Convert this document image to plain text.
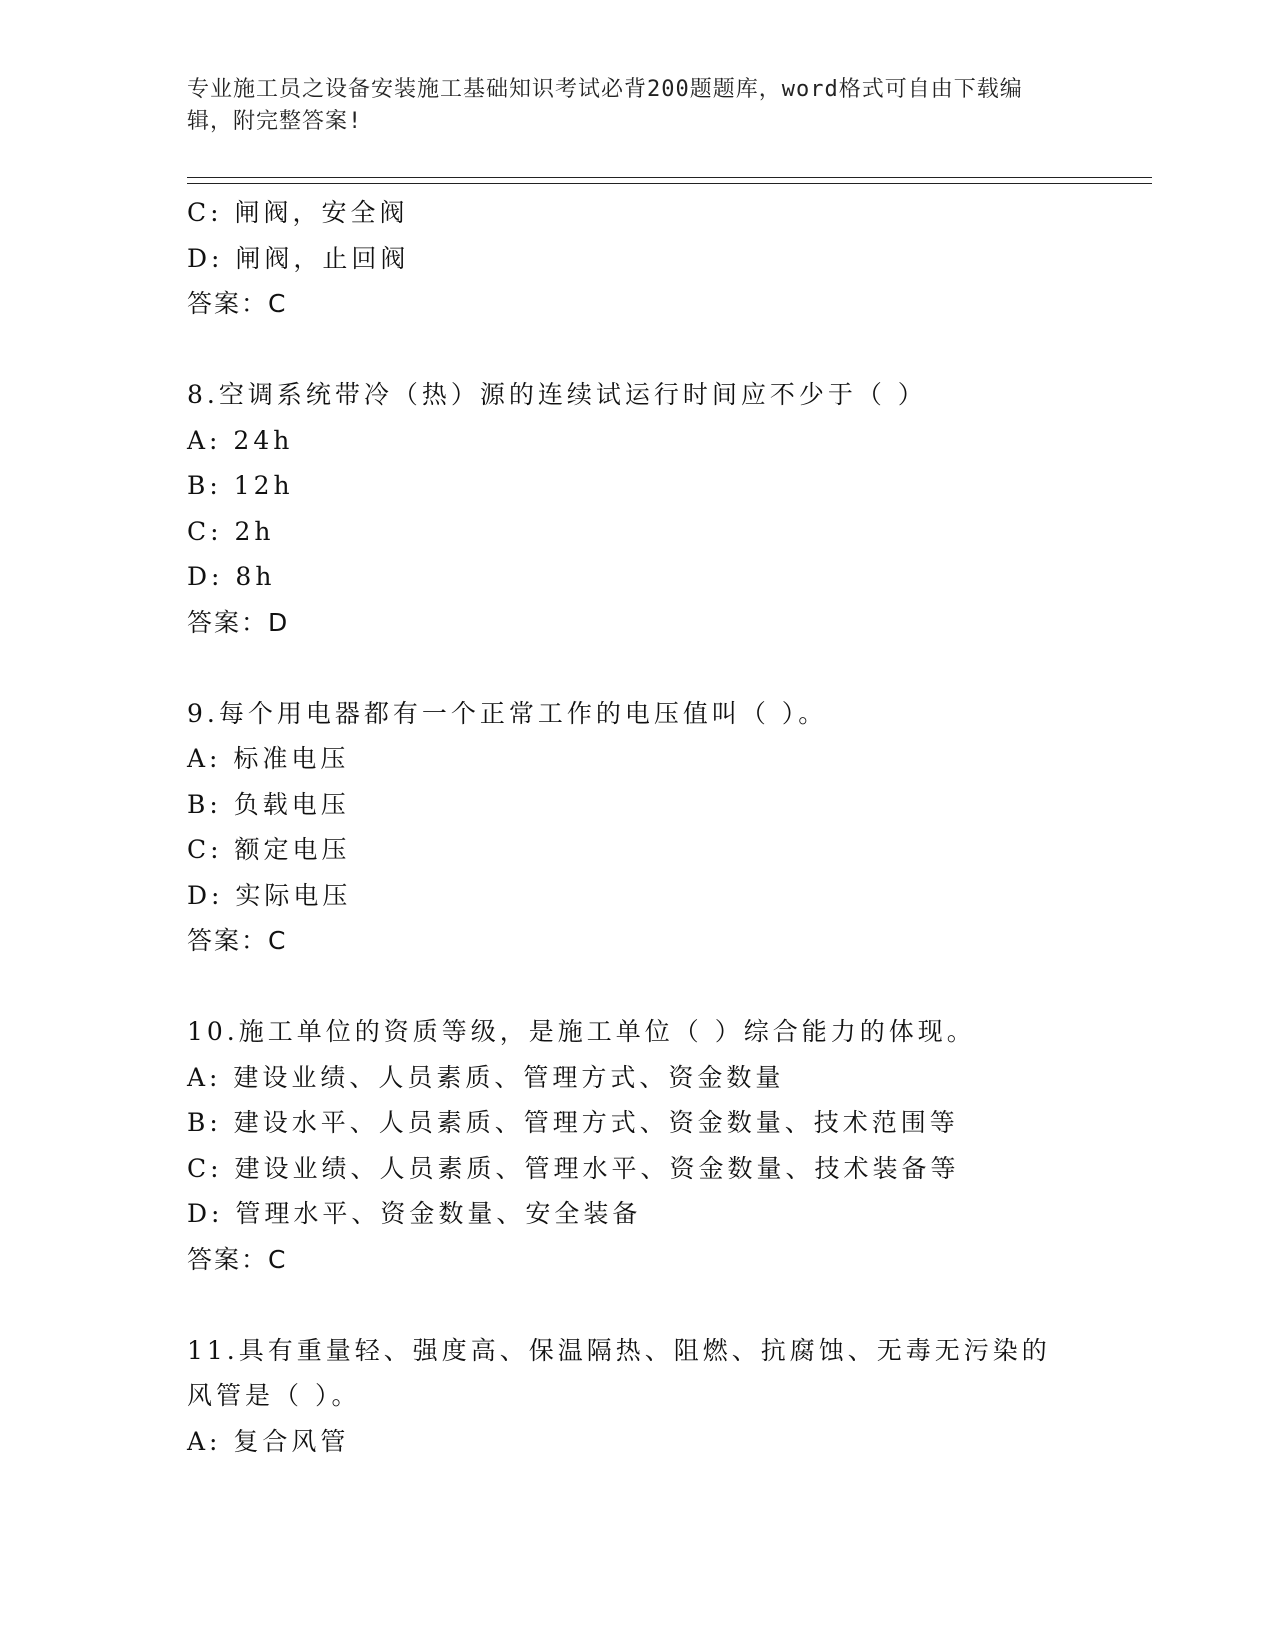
专业施工员之设备安装施工基础知识考试必背200题题库，word格式可自由下载编辑，附完整答案!
C: 闸阀，安全阀
D: 闸阀，止回阀
答案：C
8.空调系统带冷（热）源的连续试运行时间应不少于（ ）
A: 24h
B: 12h
C: 2h
D: 8h
答案：D
9.每个用电器都有一个正常工作的电压值叫（ ）。
A: 标准电压
B: 负载电压
C: 额定电压
D: 实际电压
答案：C
10.施工单位的资质等级，是施工单位（ ）综合能力的体现。
A: 建设业绩、人员素质、管理方式、资金数量
B: 建设水平、人员素质、管理方式、资金数量、技术范围等
C: 建设业绩、人员素质、管理水平、资金数量、技术装备等
D: 管理水平、资金数量、安全装备
答案：C
11.具有重量轻、强度高、保温隔热、阻燃、抗腐蚀、无毒无污染的风管是（ ）。
A: 复合风管
